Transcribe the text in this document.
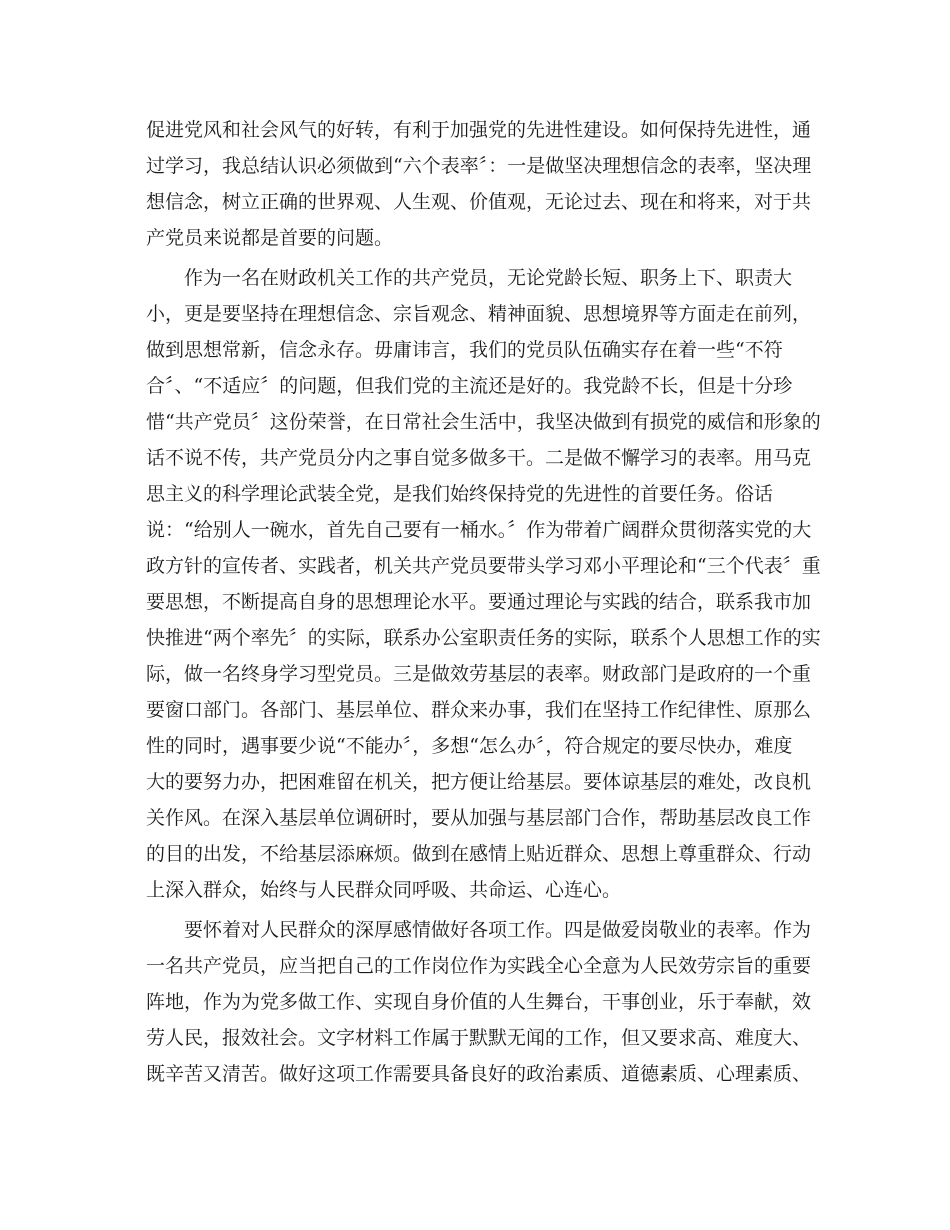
促进党风和社会风气的好转，有利于加强党的先进性建设。如何保持先进性，通
过学习，我总结认识必须做到“六个表率〞：一是做坚决理想信念的表率，坚决理
想信念，树立正确的世界观、人生观、价值观，无论过去、现在和将来，对于共
产党员来说都是首要的问题。
作为一名在财政机关工作的共产党员，无论党龄长短、职务上下、职责大
小，更是要坚持在理想信念、宗旨观念、精神面貌、思想境界等方面走在前列，
做到思想常新，信念永存。毋庸讳言，我们的党员队伍确实存在着一些“不符
合〞、“不适应〞的问题，但我们党的主流还是好的。我党龄不长，但是十分珍
惜“共产党员〞这份荣誉，在日常社会生活中，我坚决做到有损党的威信和形象的
话不说不传，共产党员分内之事自觉多做多干。二是做不懈学习的表率。用马克
思主义的科学理论武装全党，是我们始终保持党的先进性的首要任务。俗话
说：“给别人一碗水，首先自己要有一桶水。〞作为带着广阔群众贯彻落实党的大
政方针的宣传者、实践者，机关共产党员要带头学习邓小平理论和“三个代表〞重
要思想，不断提高自身的思想理论水平。要通过理论与实践的结合，联系我市加
快推进“两个率先〞的实际，联系办公室职责任务的实际，联系个人思想工作的实
际，做一名终身学习型党员。三是做效劳基层的表率。财政部门是政府的一个重
要窗口部门。各部门、基层单位、群众来办事，我们在坚持工作纪律性、原那么
性的同时，遇事要少说“不能办〞，多想“怎么办〞，符合规定的要尽快办，难度
大的要努力办，把困难留在机关，把方便让给基层。要体谅基层的难处，改良机
关作风。在深入基层单位调研时，要从加强与基层部门合作，帮助基层改良工作
的目的出发，不给基层添麻烦。做到在感情上贴近群众、思想上尊重群众、行动
上深入群众，始终与人民群众同呼吸、共命运、心连心。
要怀着对人民群众的深厚感情做好各项工作。四是做爱岗敬业的表率。作为
一名共产党员，应当把自己的工作岗位作为实践全心全意为人民效劳宗旨的重要
阵地，作为为党多做工作、实现自身价值的人生舞台，干事创业，乐于奉献，效
劳人民，报效社会。文字材料工作属于默默无闻的工作，但又要求高、难度大、
既辛苦又清苦。做好这项工作需要具备良好的政治素质、道德素质、心理素质、
